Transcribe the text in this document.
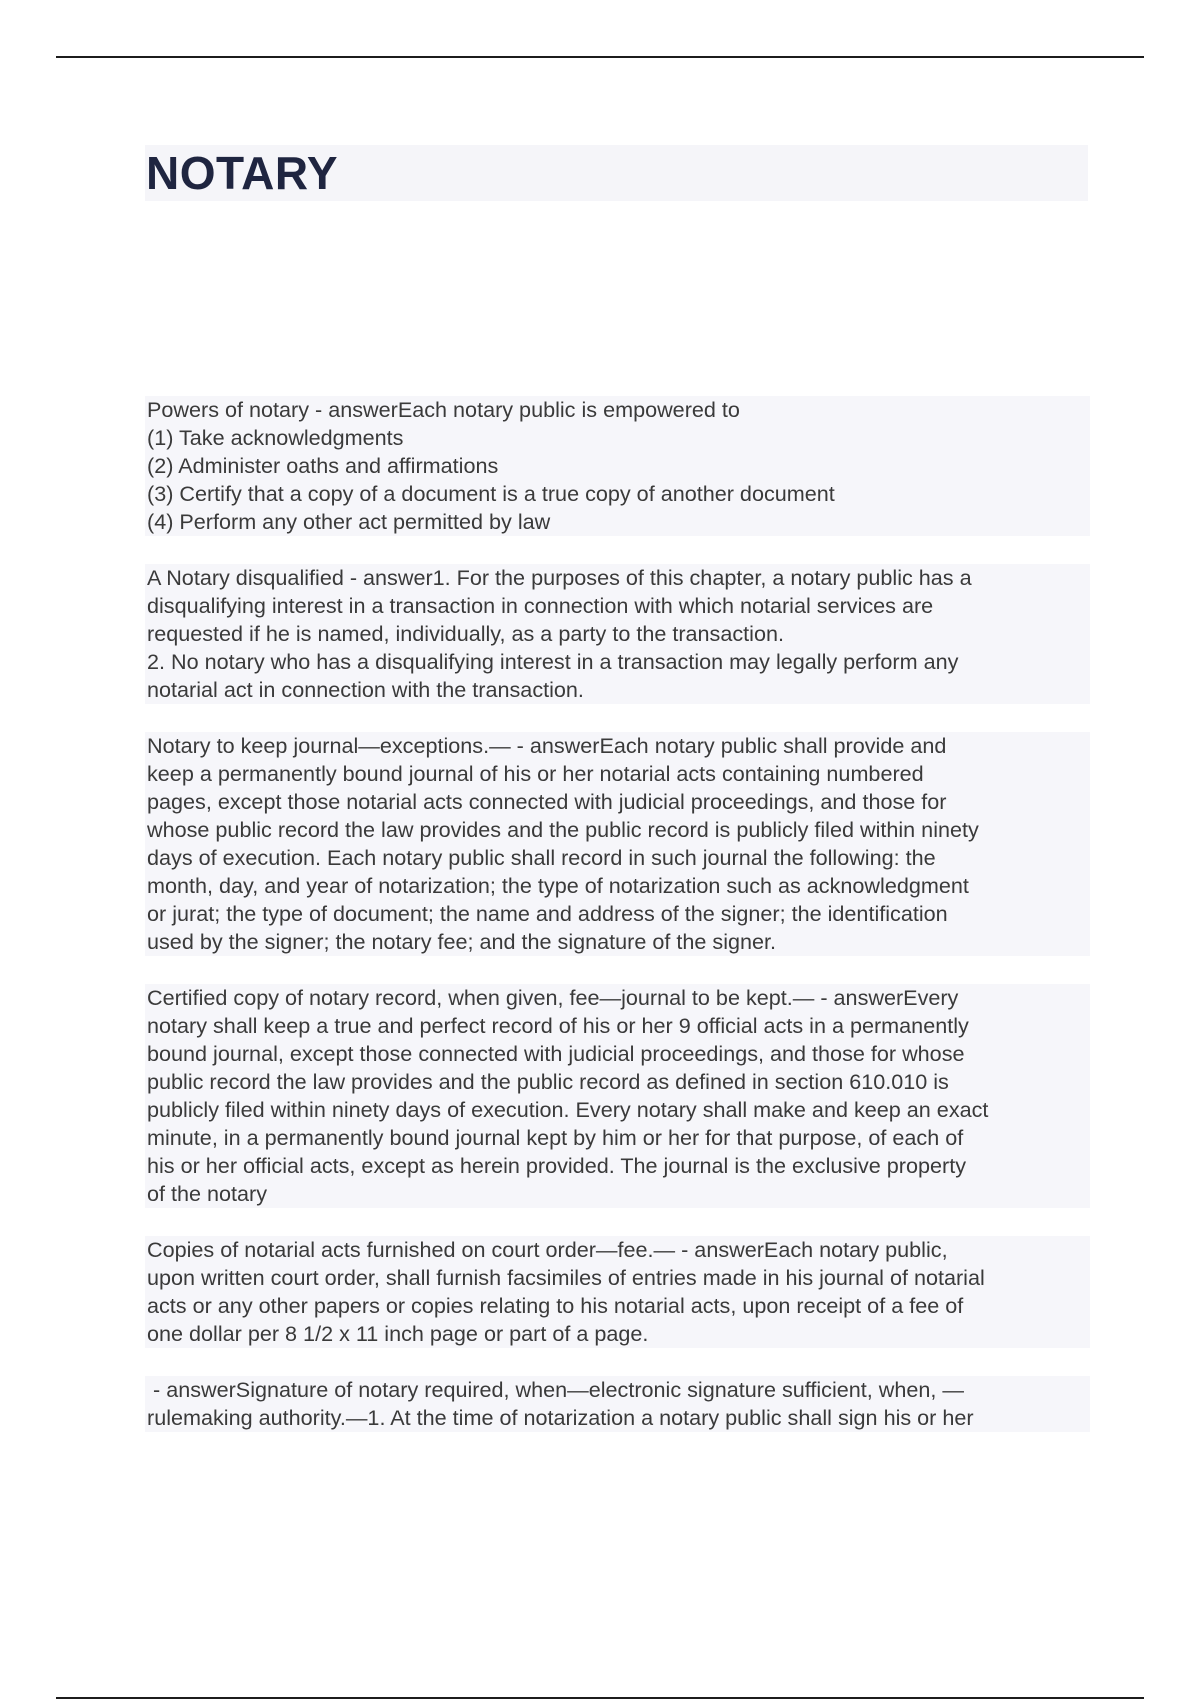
NOTARY
Powers of notary - answerEach notary public is empowered to
(1) Take acknowledgments
(2) Administer oaths and affirmations
(3) Certify that a copy of a document is a true copy of another document
(4) Perform any other act permitted by law
A Notary disqualified - answer1. For the purposes of this chapter, a notary public has a
disqualifying interest in a transaction in connection with which notarial services are
requested if he is named, individually, as a party to the transaction.
2. No notary who has a disqualifying interest in a transaction may legally perform any
notarial act in connection with the transaction.
Notary to keep journal—exceptions.— - answerEach notary public shall provide and
keep a permanently bound journal of his or her notarial acts containing numbered
pages, except those notarial acts connected with judicial proceedings, and those for
whose public record the law provides and the public record is publicly filed within ninety
days of execution. Each notary public shall record in such journal the following: the
month, day, and year of notarization; the type of notarization such as acknowledgment
or jurat; the type of document; the name and address of the signer; the identification
used by the signer; the notary fee; and the signature of the signer.
Certified copy of notary record, when given, fee—journal to be kept.— - answerEvery
notary shall keep a true and perfect record of his or her 9 official acts in a permanently
bound journal, except those connected with judicial proceedings, and those for whose
public record the law provides and the public record as defined in section 610.010 is
publicly filed within ninety days of execution. Every notary shall make and keep an exact
minute, in a permanently bound journal kept by him or her for that purpose, of each of
his or her official acts, except as herein provided. The journal is the exclusive property
of the notary
Copies of notarial acts furnished on court order—fee.— - answerEach notary public,
upon written court order, shall furnish facsimiles of entries made in his journal of notarial
acts or any other papers or copies relating to his notarial acts, upon receipt of a fee of
one dollar per 8 1/2 x 11 inch page or part of a page.
- answerSignature of notary required, when—electronic signature sufficient, when, —
rulemaking authority.—1. At the time of notarization a notary public shall sign his or her
